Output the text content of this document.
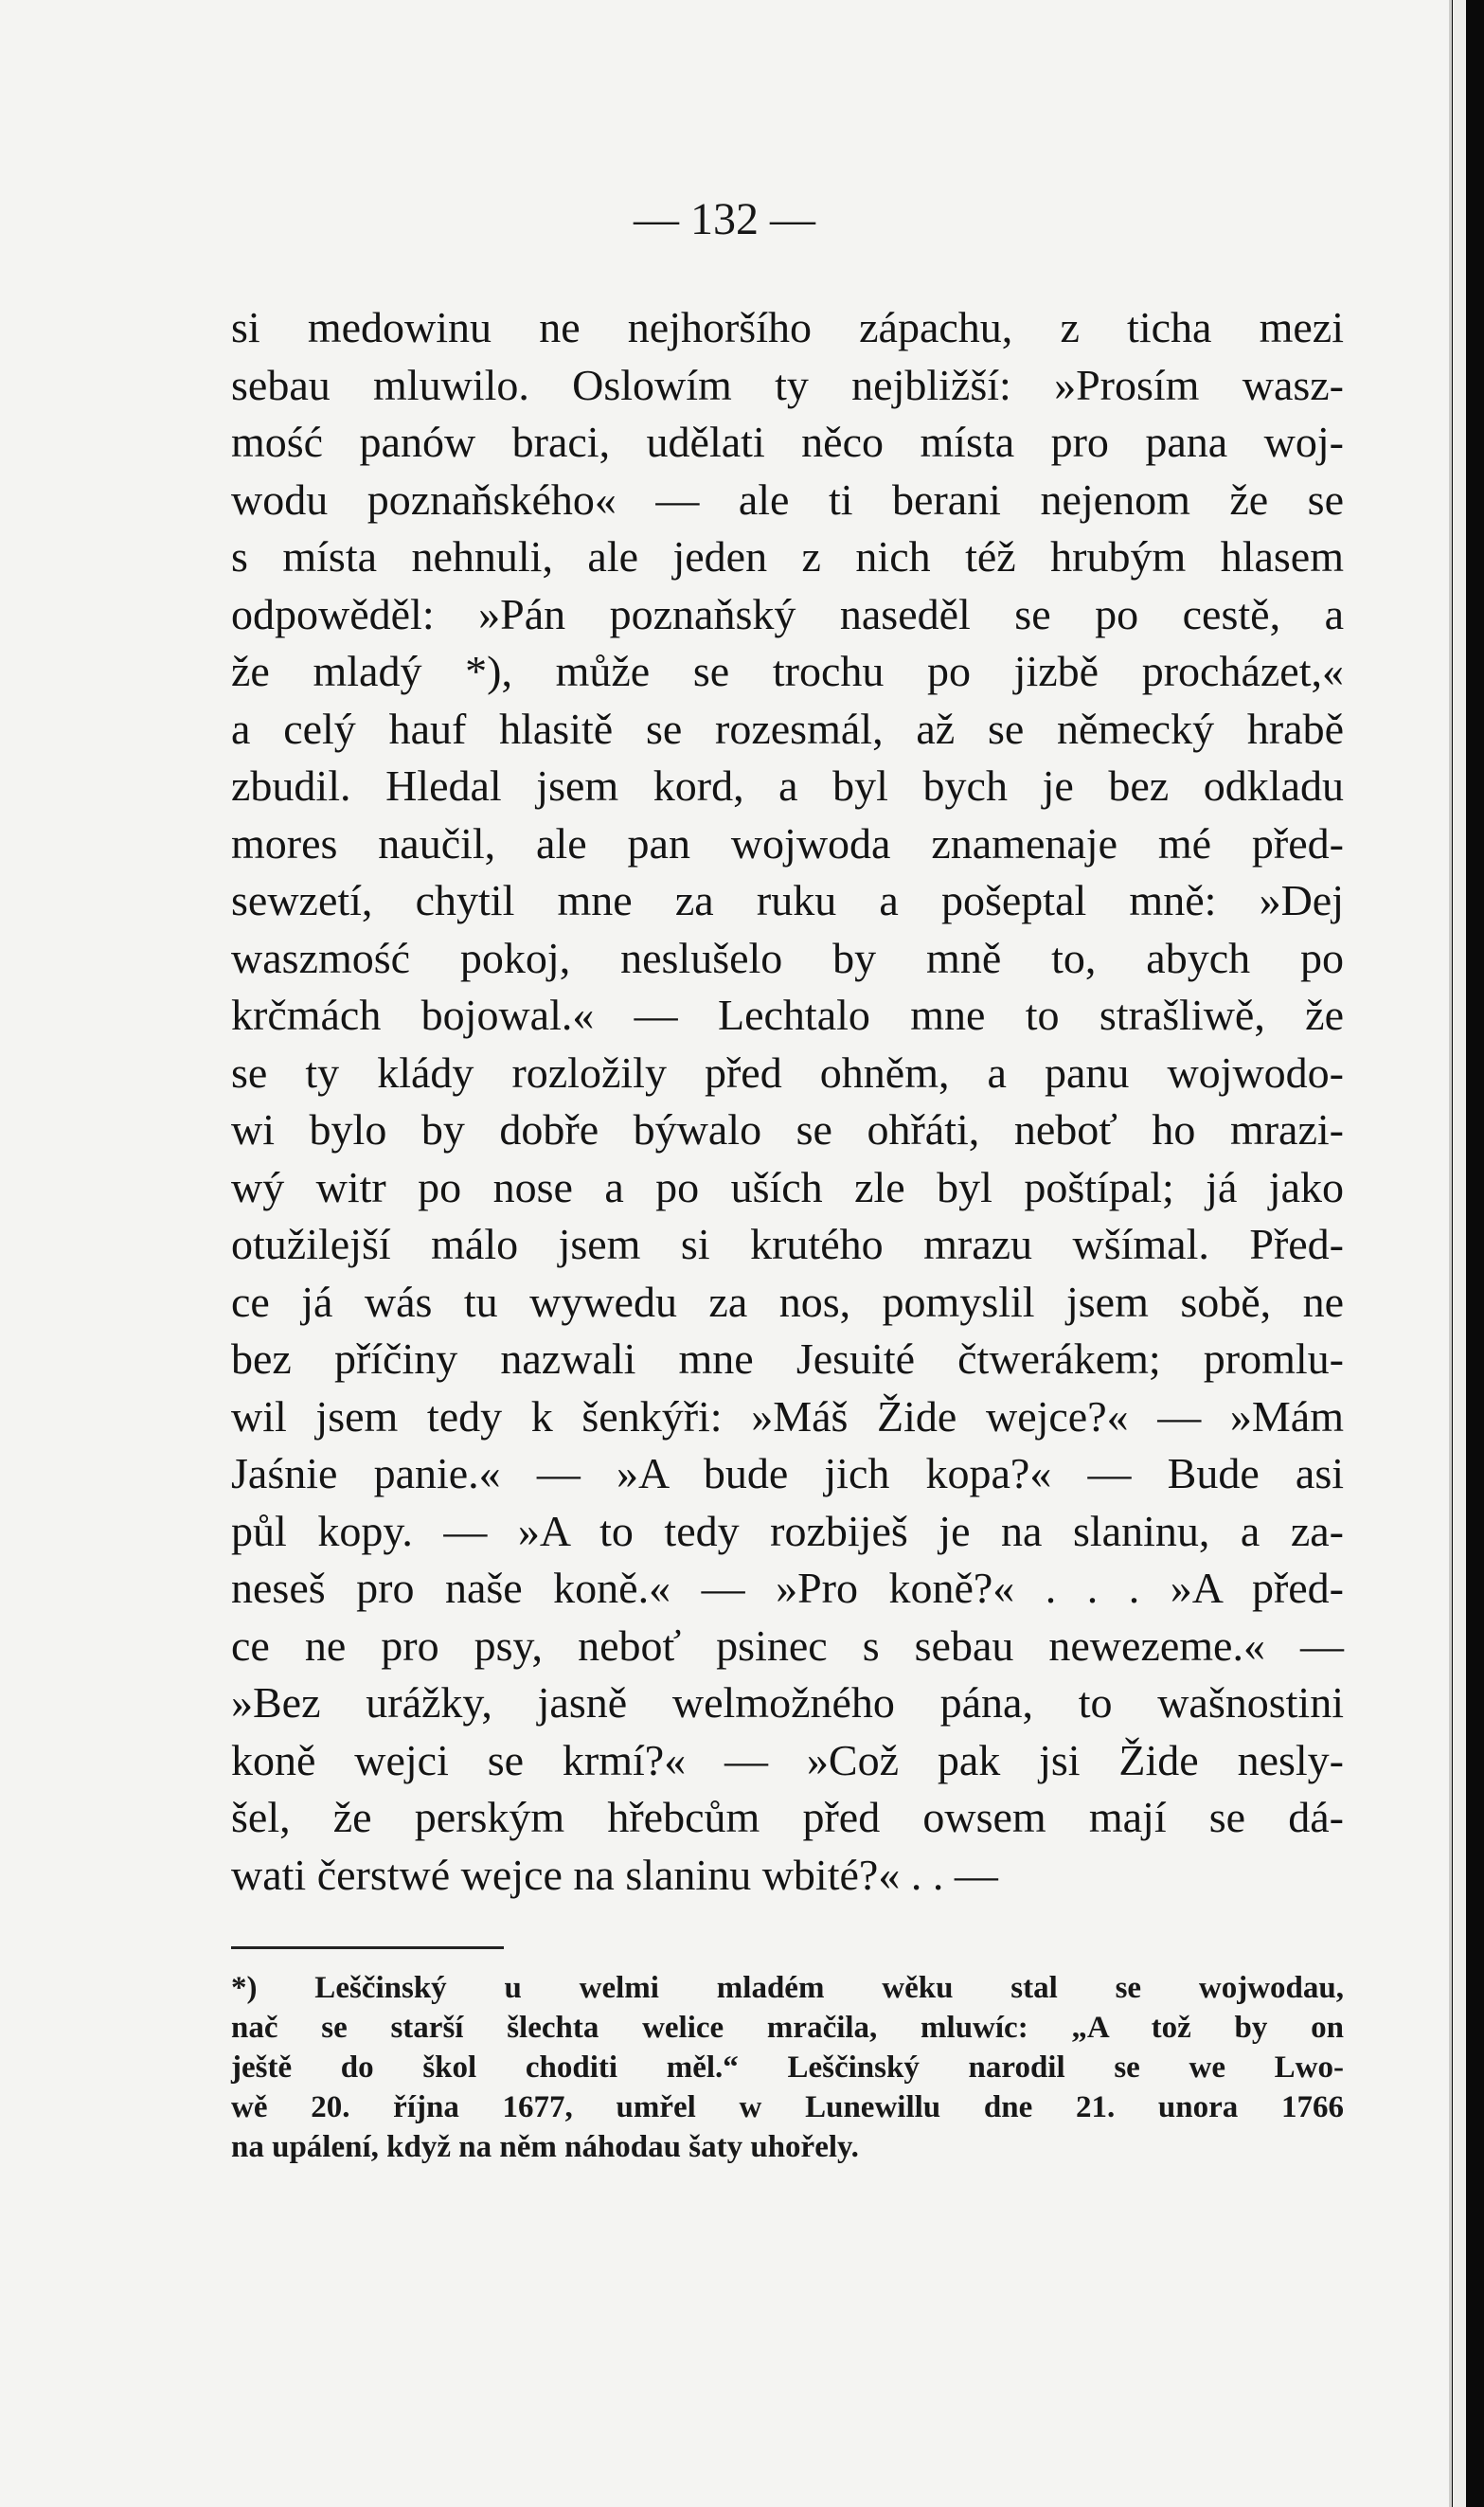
— 132 —
si medowinu ne nejhoršího zápachu, z ticha mezi
sebau mluwilo. Oslowím ty nejbližší: »Prosím wasz-
mość panów braci, udělati něco místa pro pana woj-
wodu poznaňského« — ale ti berani nejenom že se
s místa nehnuli, ale jeden z nich též hrubým hlasem
odpowěděl: »Pán poznaňský naseděl se po cestě, a
že mladý *), může se trochu po jizbě procházet,«
a celý hauf hlasitě se rozesmál, až se německý hrabě
zbudil. Hledal jsem kord, a byl bych je bez odkladu
mores naučil, ale pan wojwoda znamenaje mé před-
sewzetí, chytil mne za ruku a pošeptal mně: »Dej
waszmość pokoj, neslušelo by mně to, abych po
krčmách bojowal.« — Lechtalo mne to strašliwě, že
se ty klády rozložily před ohněm, a panu wojwodo-
wi bylo by dobře býwalo se ohřáti, neboť ho mrazi-
wý witr po nose a po uších zle byl poštípal; já jako
otužilejší málo jsem si krutého mrazu wšímal. Před-
ce já wás tu wywedu za nos, pomyslil jsem sobě, ne
bez příčiny nazwali mne Jesuité čtwerákem; promlu-
wil jsem tedy k šenkýři: »Máš Žide wejce?« — »Mám
Jaśnie panie.« — »A bude jich kopa?« — Bude asi
půl kopy. — »A to tedy rozbiješ je na slaninu, a za-
neseš pro naše koně.« — »Pro koně?« . . . »A před-
ce ne pro psy, neboť psinec s sebau newezeme.« —
»Bez urážky, jasně welmožného pána, to wašnostini
koně wejci se krmí?« — »Což pak jsi Žide nesly-
šel, že perským hřebcům před owsem mají se dá-
wati čerstwé wejce na slaninu wbité?« . . —
*) Leščinský u welmi mladém wěku stal se wojwodau,
nač se starší šlechta welice mračila, mluwíc: „A tož by on
ještě do škol choditi měl.“ Leščinský narodil se we Lwo-
wě 20. října 1677, umřel w Lunewillu dne 21. unora 1766
na upálení, když na něm náhodau šaty uhořely.
